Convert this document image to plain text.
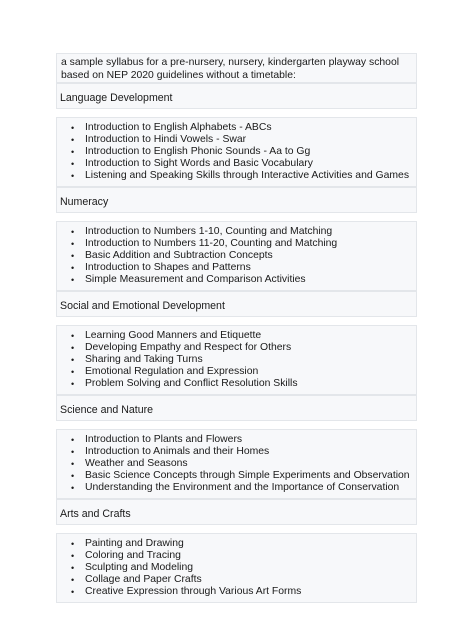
a sample syllabus for a pre-nursery, nursery, kindergarten playway school based on NEP 2020 guidelines without a timetable:
Language Development
• Introduction to English Alphabets - ABCs
• Introduction to Hindi Vowels - Swar
• Introduction to English Phonic Sounds - Aa to Gg
• Introduction to Sight Words and Basic Vocabulary
• Listening and Speaking Skills through Interactive Activities and Games
Numeracy
• Introduction to Numbers 1-10, Counting and Matching
• Introduction to Numbers 11-20, Counting and Matching
• Basic Addition and Subtraction Concepts
• Introduction to Shapes and Patterns
• Simple Measurement and Comparison Activities
Social and Emotional Development
• Learning Good Manners and Etiquette
• Developing Empathy and Respect for Others
• Sharing and Taking Turns
• Emotional Regulation and Expression
• Problem Solving and Conflict Resolution Skills
Science and Nature
• Introduction to Plants and Flowers
• Introduction to Animals and their Homes
• Weather and Seasons
• Basic Science Concepts through Simple Experiments and Observation
• Understanding the Environment and the Importance of Conservation
Arts and Crafts
• Painting and Drawing
• Coloring and Tracing
• Sculpting and Modeling
• Collage and Paper Crafts
• Creative Expression through Various Art Forms
